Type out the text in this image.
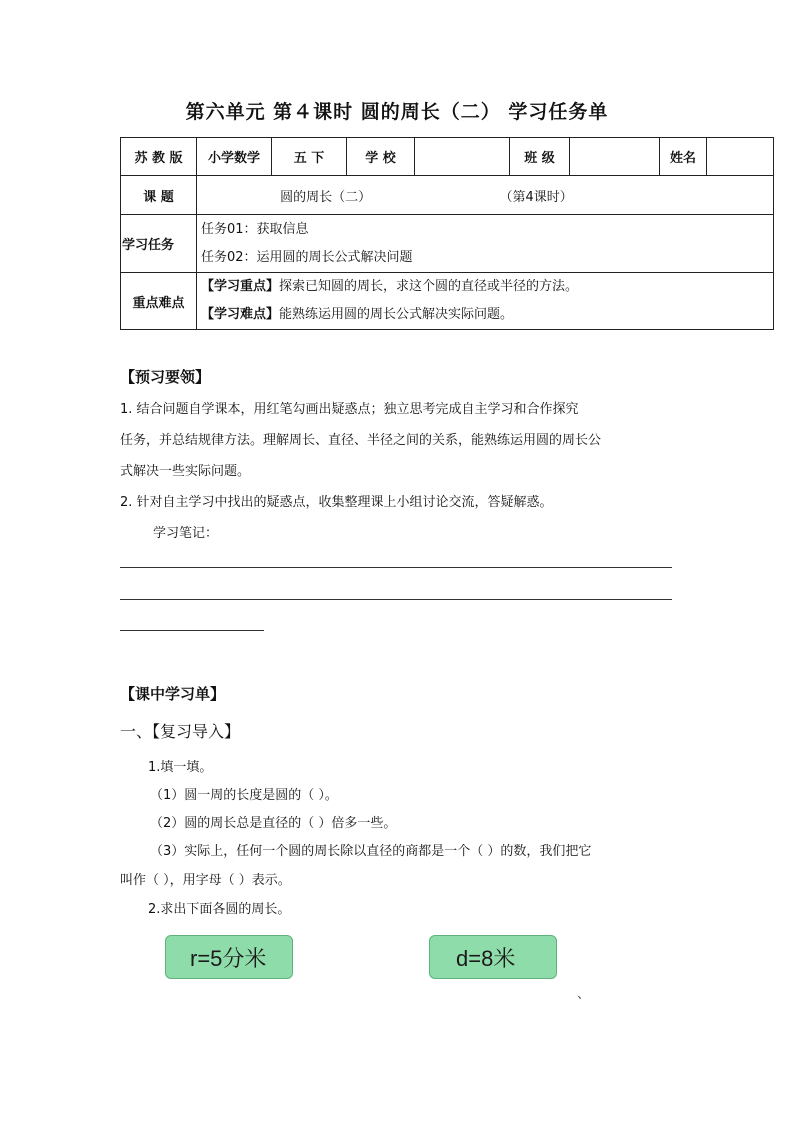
第六单元 第４课时 圆的周长（二） 学习任务单
苏 教 版	小学数学	五 下	学 校		班 级		姓名	
课 题	圆的周长（二） （第4课时）							
学习任务	任务01：获取信息
任务02：运用圆的周长公式解决问题							

重点难点	【学习重点】探索已知圆的周长，求这个圆的直径或半径的方法。
【学习难点】能熟练运用圆的周长公式解决实际问题。							
【预习要领】
1. 结合问题自学课本，用红笔勾画出疑惑点；独立思考完成自主学习和合作探究
任务，并总结规律方法。理解周长、直径、半径之间的关系，能熟练运用圆的周长公
式解决一些实际问题。
2. 针对自主学习中找出的疑惑点，收集整理课上小组讨论交流，答疑解惑。
学习笔记：
【课中学习单】
一、【复习导入】
1.填一填。
（1）圆一周的长度是圆的（ ）。
（2）圆的周长总是直径的（ ）倍多一些。
（3）实际上，任何一个圆的周长除以直径的商都是一个（ ）的数，我们把它
叫作（ ），用字母（ ）表示。
2.求出下面各圆的周长。
r=5分米	d=8米
、
